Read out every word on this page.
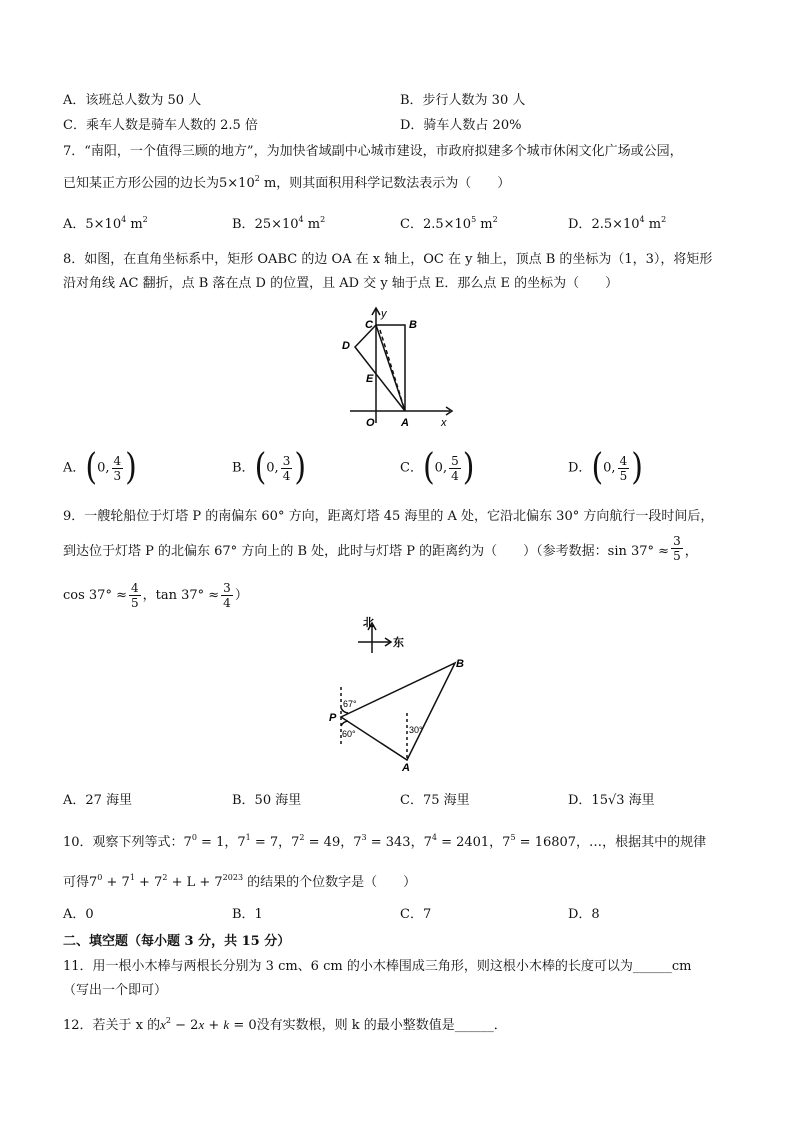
A．该班总人数为 50 人	B．步行人数为 30 人
C．乘车人数是骑车人数的 2.5 倍	D．骑车人数占 20%
7．“南阳，一个值得三顾的地方”，为加快省域副中心城市建设，市政府拟建多个城市休闲文化广场或公园，
已知某正方形公园的边长为$5\times 10^2$ m，则其面积用科学记数法表示为（　　）
A．$5\times 10^4$ $m^2$	B．$25\times 10^4$ $m^2$	C．$2.5\times 10^5$ $m^2$	D．$2.5\times 10^4$ $m^2$
8．如图，在直角坐标系中，矩形 OABC 的边 OA 在 x 轴上，OC 在 y 轴上，顶点 B 的坐标为（1，3），将矩形
沿对角线 AC 翻折，点 B 落在点 D 的位置，且 AD 交 y 轴于点 E．那么点 E 的坐标为（　　）
C	B
D
E
O A	x
y
A．(0, $\frac{4}{3}$ )	B．(0, $\frac{3}{4}$ )	C．(0, $\frac{5}{4}$ )	D．(0, $\frac{4}{5}$ )
9．一艘轮船位于灯塔 P 的南偏东 60° 方向，距离灯塔 45 海里的 A 处，它沿北偏东 30° 方向航行一段时间后，
到达位于灯塔 P 的北偏东 67° 方向上的 B 处，此时与灯塔 P 的距离约为（　　）（参考数据：$\sin 37^\circ \approx \frac{3}{5}$ ，
$\cos 37^\circ \approx \frac{4}{5}$ ，$\tan 37^\circ \approx \frac{3}{4}$ ）
北
东
P
B
A
67°
60°	30°
A．27 海里	B．50 海里	C．75 海里	D．15√3 海里
10．观察下列等式：$7^0 = 1$，$7^1 = 7$，$7^2 = 49$，$7^3 = 343$，$7^4 = 2401$，$7^5 = 16807$，…，根据其中的规律
可得$7^0 + 7^1 + 7^2 + L + 7^{2023}$ 的结果的个位数字是（　　）
A．0	B．1	C．7	D．8
二、填空题（每小题 3 分，共 15 分）
11．用一根小木棒与两根长分别为 3 cm、6 cm 的小木棒围成三角形，则这根小木棒的长度可以为______cm
（写出一个即可）
12．若关于 x 的$x^2 - 2x + k = 0$没有实数根，则 k 的最小整数值是______．
